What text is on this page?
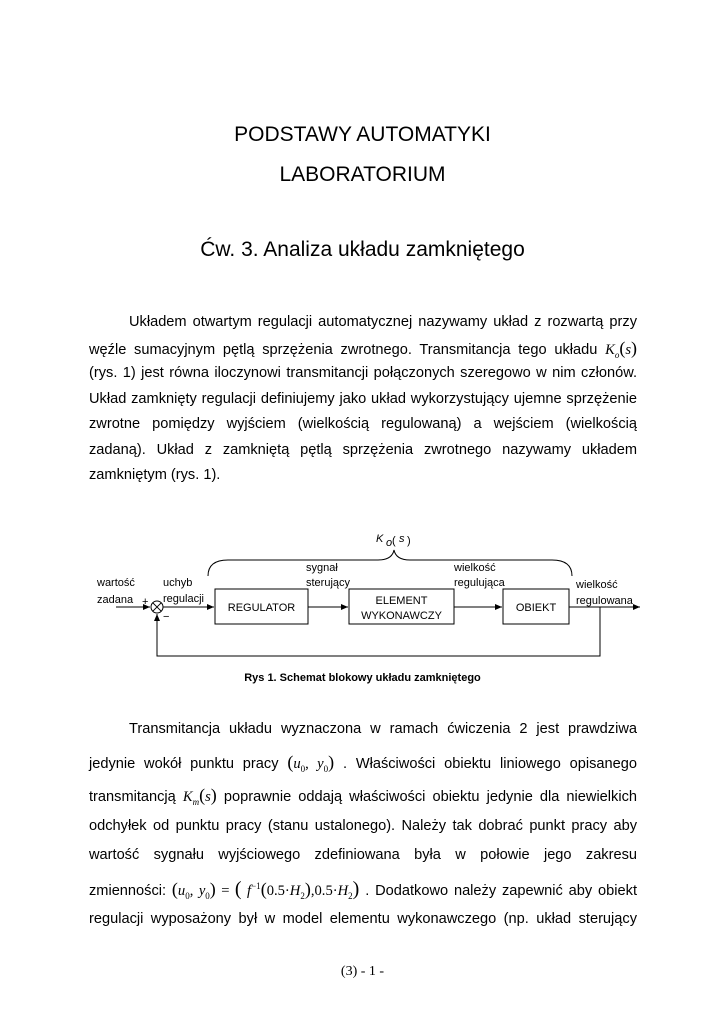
PODSTAWY AUTOMATYKI
LABORATORIUM
Ćw. 3. Analiza układu zamkniętego
Układem otwartym regulacji automatycznej nazywamy układ z rozwartą przy
węźle sumacyjnym pętlą sprzężenia zwrotnego. Transmitancja tego układu $K_o(s)$
(rys. 1) jest równa iloczynowi transmitancji połączonych szeregowo w nim członów.
Układ zamknięty regulacji definiujemy jako układ wykorzystujący ujemne sprzężenie
zwrotne pomiędzy wyjściem (wielkością regulowaną) a wejściem (wielkością
zadaną). Układ z zamkniętą pętlą sprzężenia zwrotnego nazywamy układem
zamkniętym (rys. 1).
K o ( s )
wartość
zadana +
−
uchyb
regulacji
sygnał
sterujący
wielkość
regulująca	wielkość
regulowana
REGULATOR
ELEMENT
WYKONAWCZY
OBIEKT
Rys 1. Schemat blokowy układu zamkniętego
Transmitancja układu wyznaczona w ramach ćwiczenia 2 jest prawdziwa
jedynie wokół punktu pracy ($u_0$, $y_0$) . Właściwości obiektu liniowego opisanego
transmitancją $K_m(s)$ poprawnie oddają właściwości obiektu jedynie dla niewielkich
odchyłek od punktu pracy (stanu ustalonego). Należy tak dobrać punkt pracy aby
wartość sygnału wyjściowego zdefiniowana była w połowie jego zakresu
zmienności: ($u_0$, $y_0$) = ( $f^{-1}(0.5\cdot H_2),0.5\cdot H_2$) . Dodatkowo należy zapewnić aby obiekt
regulacji wyposażony był w model elementu wykonawczego (np. układ sterujący
(3) - 1 -
